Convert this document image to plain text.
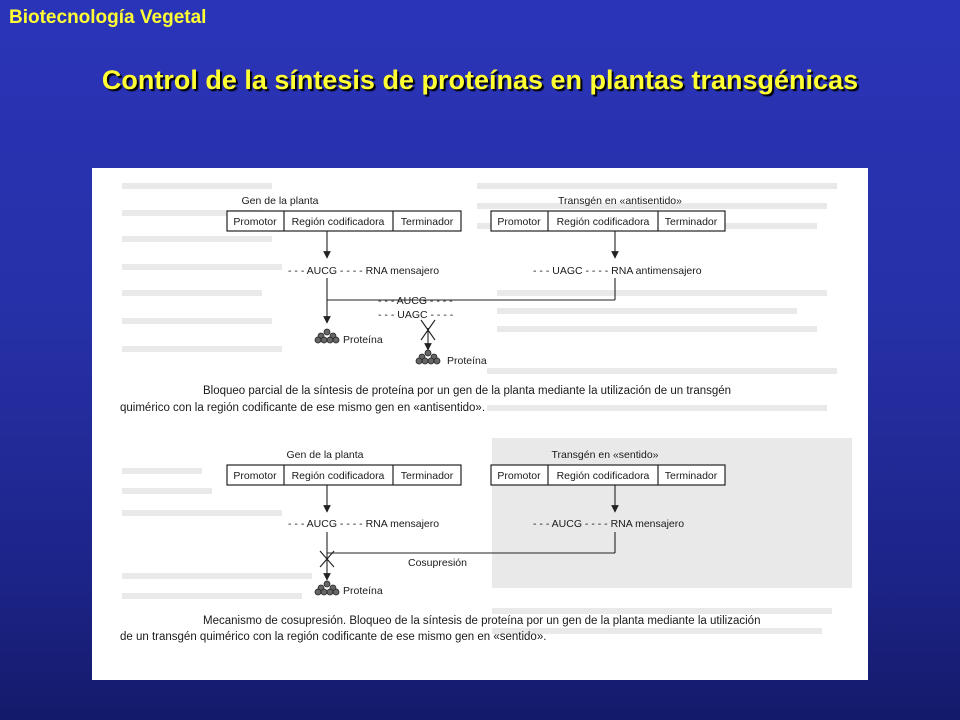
Biotecnología Vegetal
Control de la síntesis de proteínas en plantas transgénicas
Gen de la planta
Promotor Región codificadora Terminador
Transgén en «antisentido»
Promotor Región codificadora Terminador
- - - AUCG - - - - RNA mensajero	- - - UAGC - - - - RNA antimensajero
- - - AUCG - - - -
- - - UAGC - - - -
Proteína
Proteína
Bloqueo parcial de la síntesis de proteína por un gen de la planta mediante la utilización de un transgén
quimérico con la región codificante de ese mismo gen en «antisentido».
Gen de la planta
Promotor Región codificadora Terminador
Transgén en «sentido»
Promotor Región codificadora Terminador
- - - AUCG - - - - RNA mensajero	- - - AUCG - - - - RNA mensajero
Cosupresión
Proteína
Mecanismo de cosupresión. Bloqueo de la síntesis de proteína por un gen de la planta mediante la utilización
de un transgén quimérico con la región codificante de ese mismo gen en «sentido».
